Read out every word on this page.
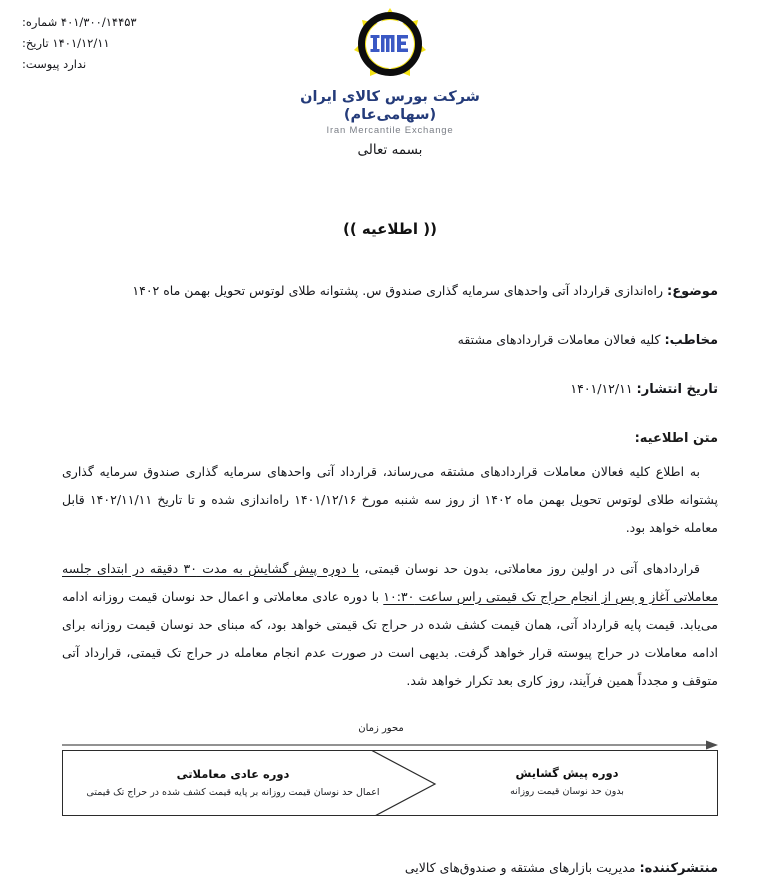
۴۰۱/۳۰۰/۱۴۴۵۳ شماره:
۱۴۰۱/۱۲/۱۱ تاریخ:
ندارد پیوست:
شرکت بورس کالای ایران (سهامی‌عام)
Iran Mercantile Exchange
بسمه تعالی
(( اطلاعیه ))
موضوع: راه‌اندازی قرارداد آتی واحدهای سرمایه گذاری صندوق س. پشتوانه طلای لوتوس تحویل بهمن ماه ۱۴۰۲
مخاطب: کلیه فعالان معاملات قراردادهای مشتقه
تاریخ انتشار: ۱۴۰۱/۱۲/۱۱
متن اطلاعیه:

به اطلاع کلیه فعالان معاملات قراردادهای مشتقه می‌رساند، قرارداد آتی واحدهای سرمایه گذاری صندوق سرمایه گذاری پشتوانه طلای لوتوس تحویل بهمن ماه ۱۴۰۲ از روز سه شنبه مورخ ۱۴۰۱/۱۲/۱۶ راه‌اندازی شده و تا تاریخ ۱۴۰۲/۱۱/۱۱ قابل معامله خواهد بود.

قراردادهای آتی در اولین روز معاملاتی، بدون حد نوسان قیمتی، با دوره پیش گشایش به مدت ۳۰ دقیقه در ابتدای جلسه معاملاتی آغاز و پس از انجام حراج تک قیمتی راس ساعت ۱۰:۳۰ با دوره عادی معاملاتی و اعمال حد نوسان قیمت روزانه ادامه می‌یابد. قیمت پایه قرارداد آتی، همان قیمت کشف شده در حراج تک قیمتی خواهد بود، که مبنای حد نوسان قیمت روزانه برای ادامه معاملات در حراج پیوسته قرار خواهد گرفت. بدیهی است در صورت عدم انجام معامله در حراج تک قیمتی، قرارداد آتی متوقف و مجدداً همین فرآیند، روز کاری بعد تکرار خواهد شد.

محور زمان
دوره پیش گشایش
بدون حد نوسان قیمت روزانه
دوره عادی معاملاتی
اعمال حد نوسان قیمت روزانه بر پایه قیمت کشف شده در حراج تک قیمتی
منتشرکننده: مدیریت بازارهای مشتقه و صندوق‌های کالایی
